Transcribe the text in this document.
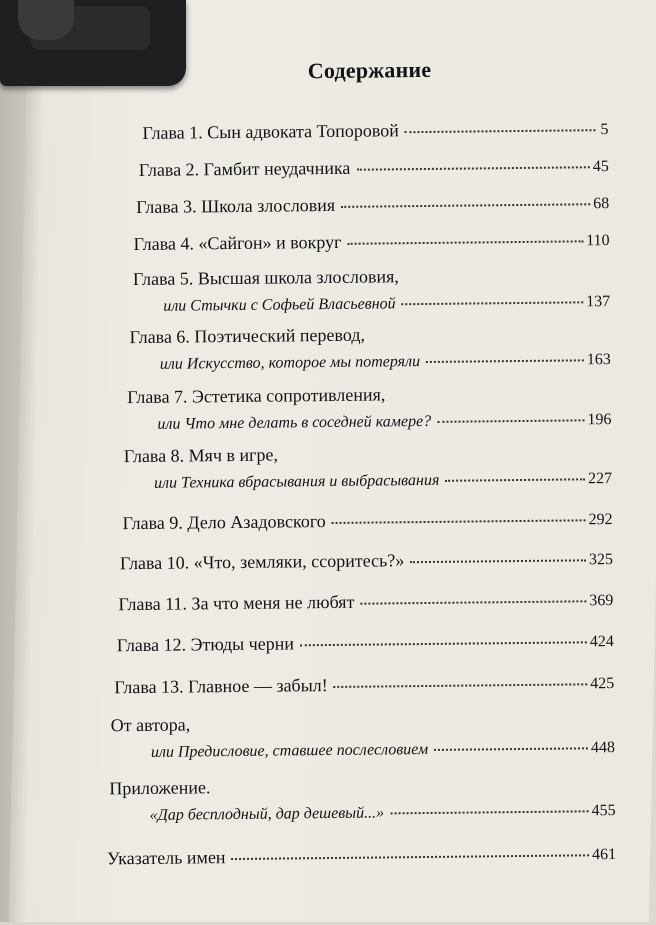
Содержание
Глава 1. Сын адвоката Топоровой	5
Глава 2. Гамбит неудачника	45
Глава 3. Школа злословия	68
Глава 4. «Сайгон» и вокруг	110
Глава 5. Высшая школа злословия,
или Стычки с Софьей Власьевной	137
Глава 6. Поэтический перевод,
или Искусство, которое мы потеряли	163
Глава 7. Эстетика сопротивления,
или Что мне делать в соседней камере?	196
Глава 8. Мяч в игре,
или Техника вбрасывания и выбрасывания	227
Глава 9. Дело Азадовского	292
Глава 10. «Что, земляки, ссоритесь?»	325
Глава 11. За что меня не любят	369
Глава 12. Этюды черни	424
Глава 13. Главное — забыл!	425
От автора,
или Предисловие, ставшее послесловием	448
Приложение.
«Дар бесплодный, дар дешевый...»	455
Указатель имен	461
